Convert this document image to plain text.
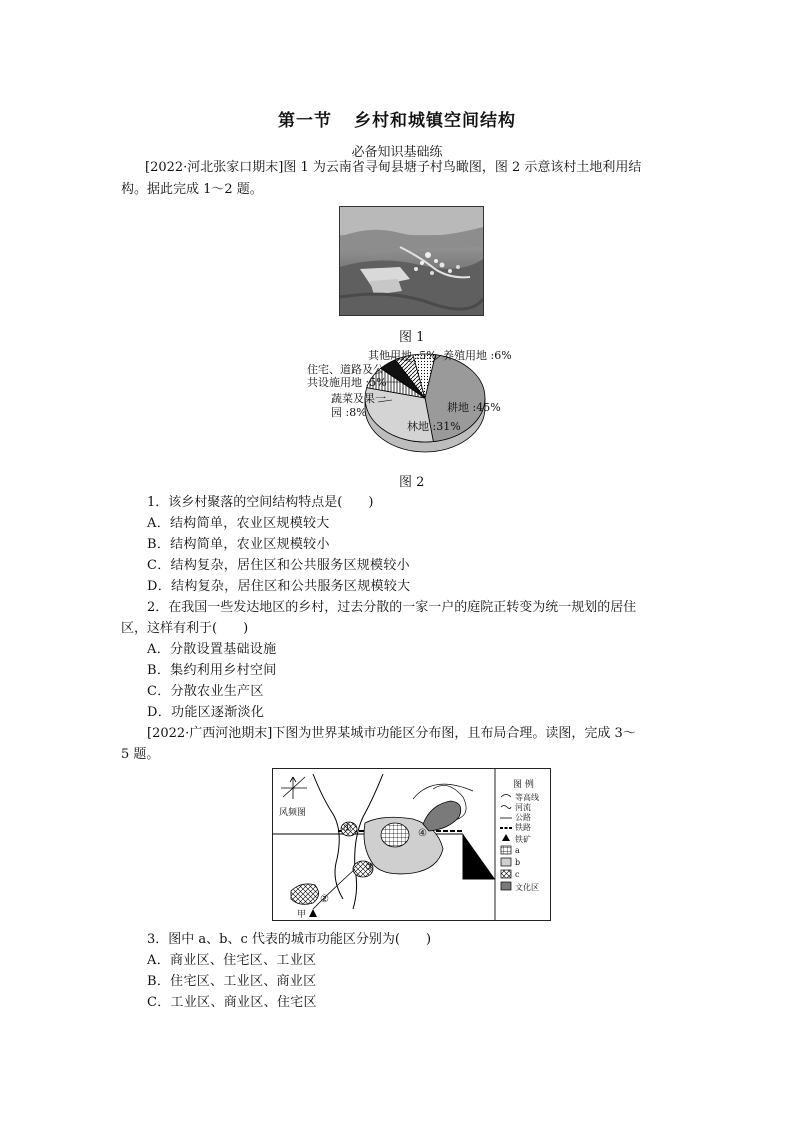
第一节 乡村和城镇空间结构
必备知识基础练
[2022·河北张家口期末]图 1 为云南省寻甸县塘子村鸟瞰图，图 2 示意该村土地利用结
构。据此完成 1～2 题。
图 1
其他用地 :5% 养殖用地 :6%
住宅、道路及公
共设施用地 :5%
蔬菜及果一
园 :8%	耕地 :45%
林地 :31%
图 2
1．该乡村聚落的空间结构特点是(　　)
A．结构简单，农业区规模较大
B．结构简单，农业区规模较小
C．结构复杂，居住区和公共服务区规模较小
D．结构复杂，居住区和公共服务区规模较大
2．在我国一些发达地区的乡村，过去分散的一家一户的庭院正转变为统一规划的居住
区，这样有利于(　　)
A．分散设置基础设施
B．集约利用乡村空间
C．分散农业生产区
D．功能区逐渐淡化
[2022·广西河池期末]下图为世界某城市功能区分布图，且布局合理。读图，完成 3～
5 题。
风频图
①
②
③
④
甲
图 例
等高线
河流
公路
铁路
铁矿
a
b
c
文化区
3．图中 a、b、c 代表的城市功能区分别为(　　)
A．商业区、住宅区、工业区
B．住宅区、工业区、商业区
C．工业区、商业区、住宅区
